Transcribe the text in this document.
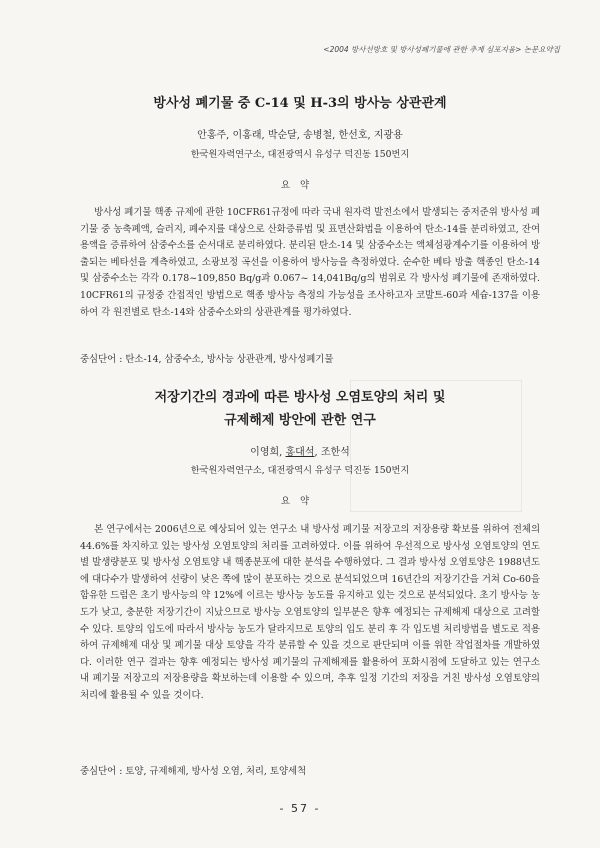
<2004 방사선방호 및 방사성폐기물에 관한 추계 심포지움> 논문요약집
방사성 폐기물 중 C-14 및 H-3의 방사능 상관관계
안홍주, 이홍래, 박순달, 송병철, 한선호, 지광용
한국원자력연구소, 대전광역시 유성구 덕진동 150번지
요약
방사성 폐기물 핵종 규제에 관한 10CFR61규정에 따라 국내 원자력 발전소에서 발생되는 중저준위 방사성 폐기물 중 농축폐액, 슬러지, 폐수지를 대상으로 산화증류법 및 표면산화법을 이용하여 탄소-14를 분리하였고, 잔여 용액을 증류하여 삼중수소를 순서대로 분리하였다. 분리된 탄소-14 및 삼중수소는 액체섬광계수기를 이용하여 방출되는 베타선을 계측하였고, 소광보정 곡선을 이용하여 방사능을 측정하였다. 순수한 베타 방출 핵종인 탄소-14 및 삼중수소는 각각 0.178~109,850 Bq/g과 0.067~ 14,041Bq/g의 범위로 각 방사성 폐기물에 존재하였다. 10CFR61의 규정중 간접적인 방법으로 핵종 방사능 측정의 가능성을 조사하고자 코발트-60과 세슘-137을 이용하여 각 원전별로 탄소-14와 삼중수소와의 상관관계를 평가하였다.
중심단어 : 탄소-14, 삼중수소, 방사능 상관관계, 방사성폐기물
저장기간의 경과에 따른 방사성 오염토양의 처리 및
규제해제 방안에 관한 연구
이영희, 홍대석, 조한석
한국원자력연구소, 대전광역시 유성구 덕진동 150번지
요약
본 연구에서는 2006년으로 예상되어 있는 연구소 내 방사성 폐기물 저장고의 저장용량 확보를 위하여 전체의 44.6%를 차지하고 있는 방사성 오염토양의 처리를 고려하였다. 이를 위하여 우선적으로 방사성 오염토양의 연도별 발생량분포 및 방사성 오염토양 내 핵종분포에 대한 분석을 수행하였다. 그 결과 방사성 오염토양은 1988년도에 대다수가 발생하여 선량이 낮은 쪽에 많이 분포하는 것으로 분석되었으며 16년간의 저장기간을 거쳐 Co-60을 함유한 드럼은 초기 방사능의 약 12%에 이르는 방사능 농도를 유지하고 있는 것으로 분석되었다. 초기 방사능 농도가 낮고, 충분한 저장기간이 지났으므로 방사능 오염토양의 일부분은 향후 예정되는 규제해제 대상으로 고려할 수 있다. 토양의 입도에 따라서 방사능 농도가 달라지므로 토양의 입도 분리 후 각 입도별 처리방법을 별도로 적용하여 규제해제 대상 및 폐기물 대상 토양을 각각 분류할 수 있을 것으로 판단되며 이를 위한 작업절차를 개발하였다. 이러한 연구 결과는 향후 예정되는 방사성 폐기물의 규제해제를 활용하여 포화시점에 도달하고 있는 연구소 내 폐기물 저장고의 저장용량을 확보하는데 이용할 수 있으며, 추후 일정 기간의 저장을 거친 방사성 오염토양의 처리에 활용될 수 있을 것이다.
중심단어 : 토양, 규제해제, 방사성 오염, 처리, 토양세척
- 57 -
